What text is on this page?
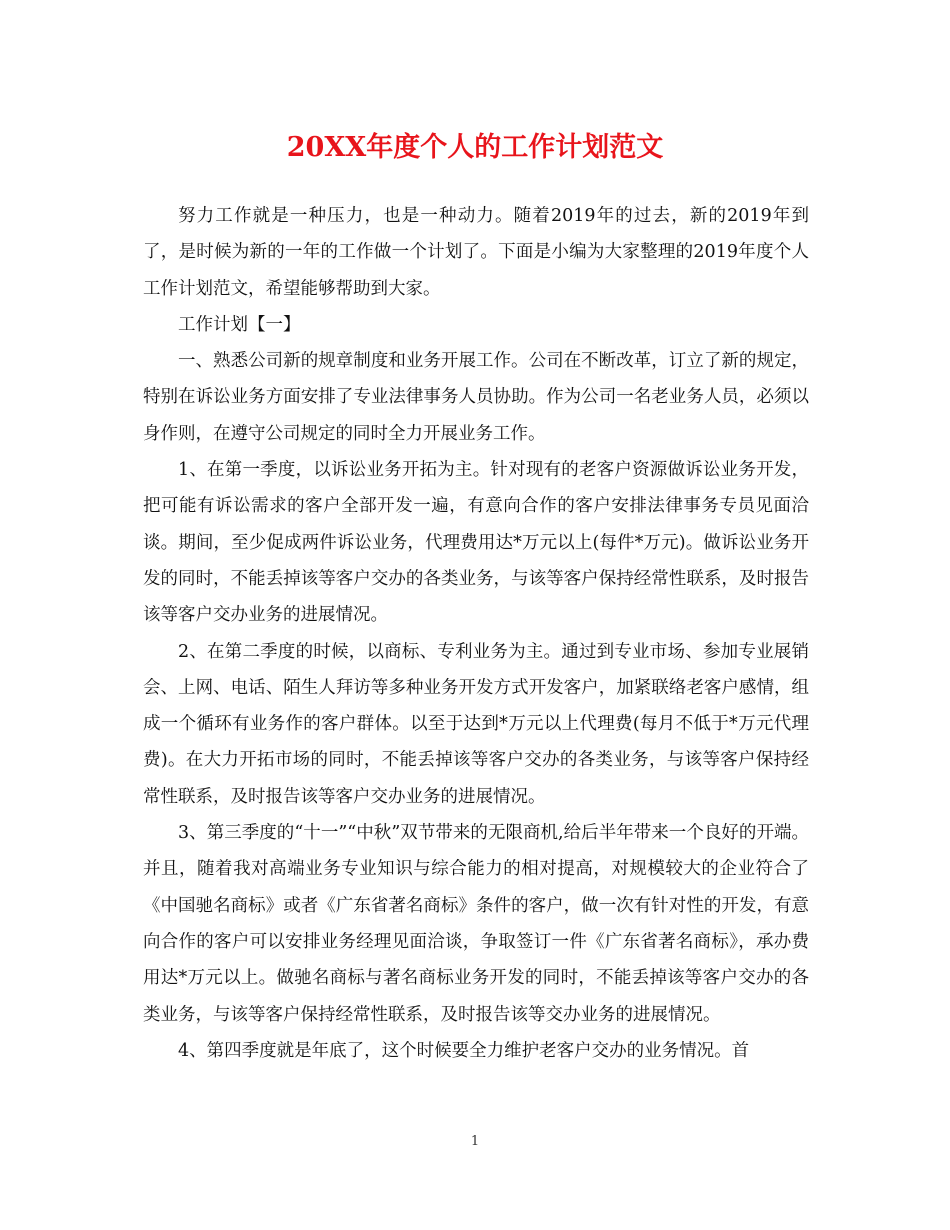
20XX年度个人的工作计划范文

努力工作就是一种压力，也是一种动力。随着2019年的过去，新的2019年到了，是时候为新的一年的工作做一个计划了。下面是小编为大家整理的2019年度个人工作计划范文，希望能够帮助到大家。

工作计划【一】

一、熟悉公司新的规章制度和业务开展工作。公司在不断改革，订立了新的规定，特别在诉讼业务方面安排了专业法律事务人员协助。作为公司一名老业务人员，必须以身作则，在遵守公司规定的同时全力开展业务工作。

1、在第一季度，以诉讼业务开拓为主。针对现有的老客户资源做诉讼业务开发，把可能有诉讼需求的客户全部开发一遍，有意向合作的客户安排法律事务专员见面洽谈。期间，至少促成两件诉讼业务，代理费用达*万元以上(每件*万元)。做诉讼业务开发的同时，不能丢掉该等客户交办的各类业务，与该等客户保持经常性联系，及时报告该等客户交办业务的进展情况。

2、在第二季度的时候，以商标、专利业务为主。通过到专业市场、参加专业展销会、上网、电话、陌生人拜访等多种业务开发方式开发客户，加紧联络老客户感情，组成一个循环有业务作的客户群体。以至于达到*万元以上代理费(每月不低于*万元代理费)。在大力开拓市场的同时，不能丢掉该等客户交办的各类业务，与该等客户保持经常性联系，及时报告该等客户交办业务的进展情况。

3、第三季度的“十一”“中秋”双节带来的无限商机,给后半年带来一个良好的开端。并且，随着我对高端业务专业知识与综合能力的相对提高，对规模较大的企业符合了《中国驰名商标》或者《广东省著名商标》条件的客户，做一次有针对性的开发，有意向合作的客户可以安排业务经理见面洽谈，争取签订一件《广东省著名商标》，承办费用达*万元以上。做驰名商标与著名商标业务开发的同时，不能丢掉该等客户交办的各类业务，与该等客户保持经常性联系，及时报告该等交办业务的进展情况。

4、第四季度就是年底了，这个时候要全力维护老客户交办的业务情况。首

1
